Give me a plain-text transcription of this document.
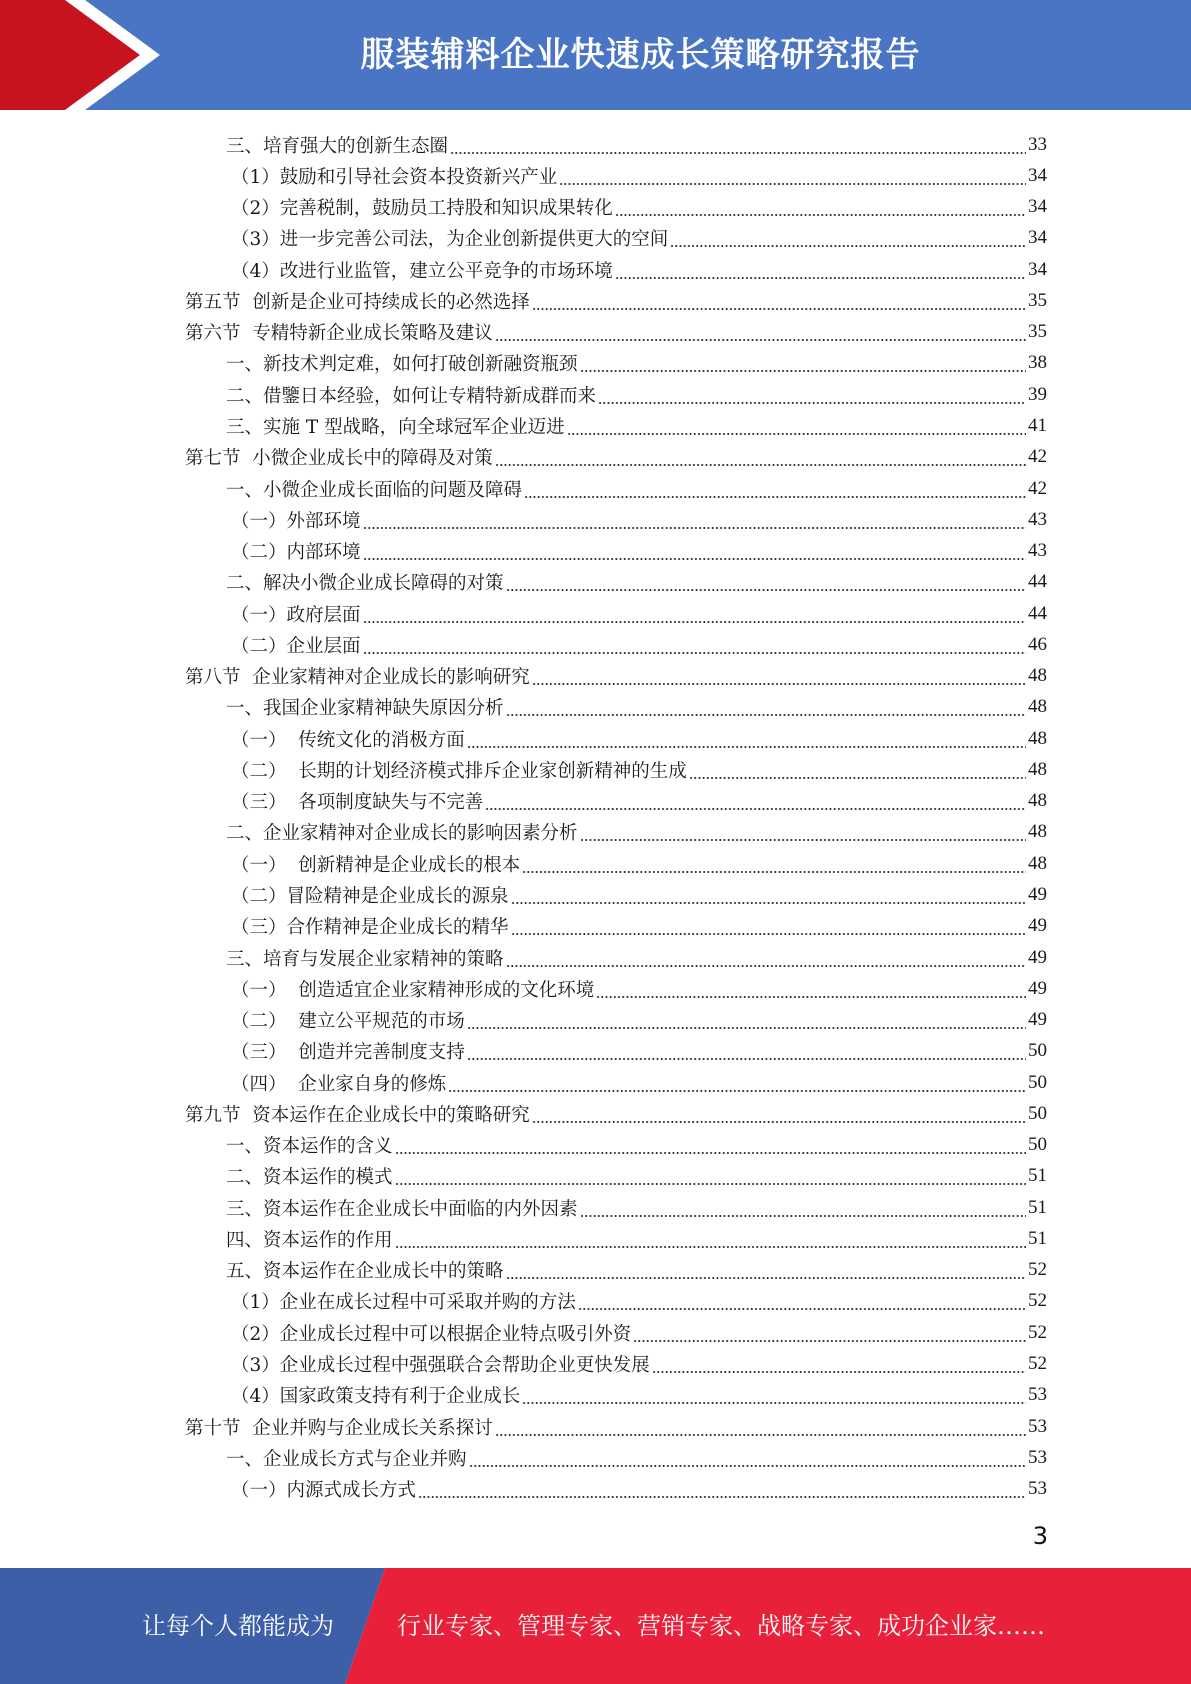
服装辅料企业快速成长策略研究报告
三、培育强大的创新生态圈	33
（1）鼓励和引导社会资本投资新兴产业	34
（2）完善税制，鼓励员工持股和知识成果转化	34
（3）进一步完善公司法，为企业创新提供更大的空间	34
（4）改进行业监管，建立公平竞争的市场环境	34
第五节  创新是企业可持续成长的必然选择	35
第六节  专精特新企业成长策略及建议	35
一、新技术判定难，如何打破创新融资瓶颈	38
二、借鑒日本经验，如何让专精特新成群而来	39
三、实施 T 型战略，向全球冠军企业迈进	41
第七节  小微企业成长中的障碍及对策	42
一、小微企业成长面临的问题及障碍	42
（一）外部环境	43
（二）内部环境	43
二、解决小微企业成长障碍的对策	44
（一）政府层面	44
（二）企业层面	46
第八节  企业家精神对企业成长的影响研究	48
一、我国企业家精神缺失原因分析	48
（一）  传统文化的消极方面	48
（二）  长期的计划经济模式排斥企业家创新精神的生成	48
（三）  各项制度缺失与不完善	48
二、企业家精神对企业成长的影响因素分析	48
（一）  创新精神是企业成长的根本	48
（二）冒险精神是企业成长的源泉	49
（三）合作精神是企业成长的精华	49
三、培育与发展企业家精神的策略	49
（一）  创造适宜企业家精神形成的文化环境	49
（二）  建立公平规范的市场	49
（三）  创造并完善制度支持	50
（四）  企业家自身的修炼	50
第九节  资本运作在企业成长中的策略研究	50
一、资本运作的含义	50
二、资本运作的模式	51
三、资本运作在企业成长中面临的内外因素	51
四、资本运作的作用	51
五、资本运作在企业成长中的策略	52
（1）企业在成长过程中可采取并购的方法	52
（2）企业成长过程中可以根据企业特点吸引外资	52
（3）企业成长过程中强强联合会帮助企业更快发展	52
（4）国家政策支持有利于企业成长	53
第十节  企业并购与企业成长关系探讨	53
一、企业成长方式与企业并购	53
（一）内源式成长方式	53
3
让每个人都能成为	行业专家、管理专家、营销专家、战略专家、成功企业家……
